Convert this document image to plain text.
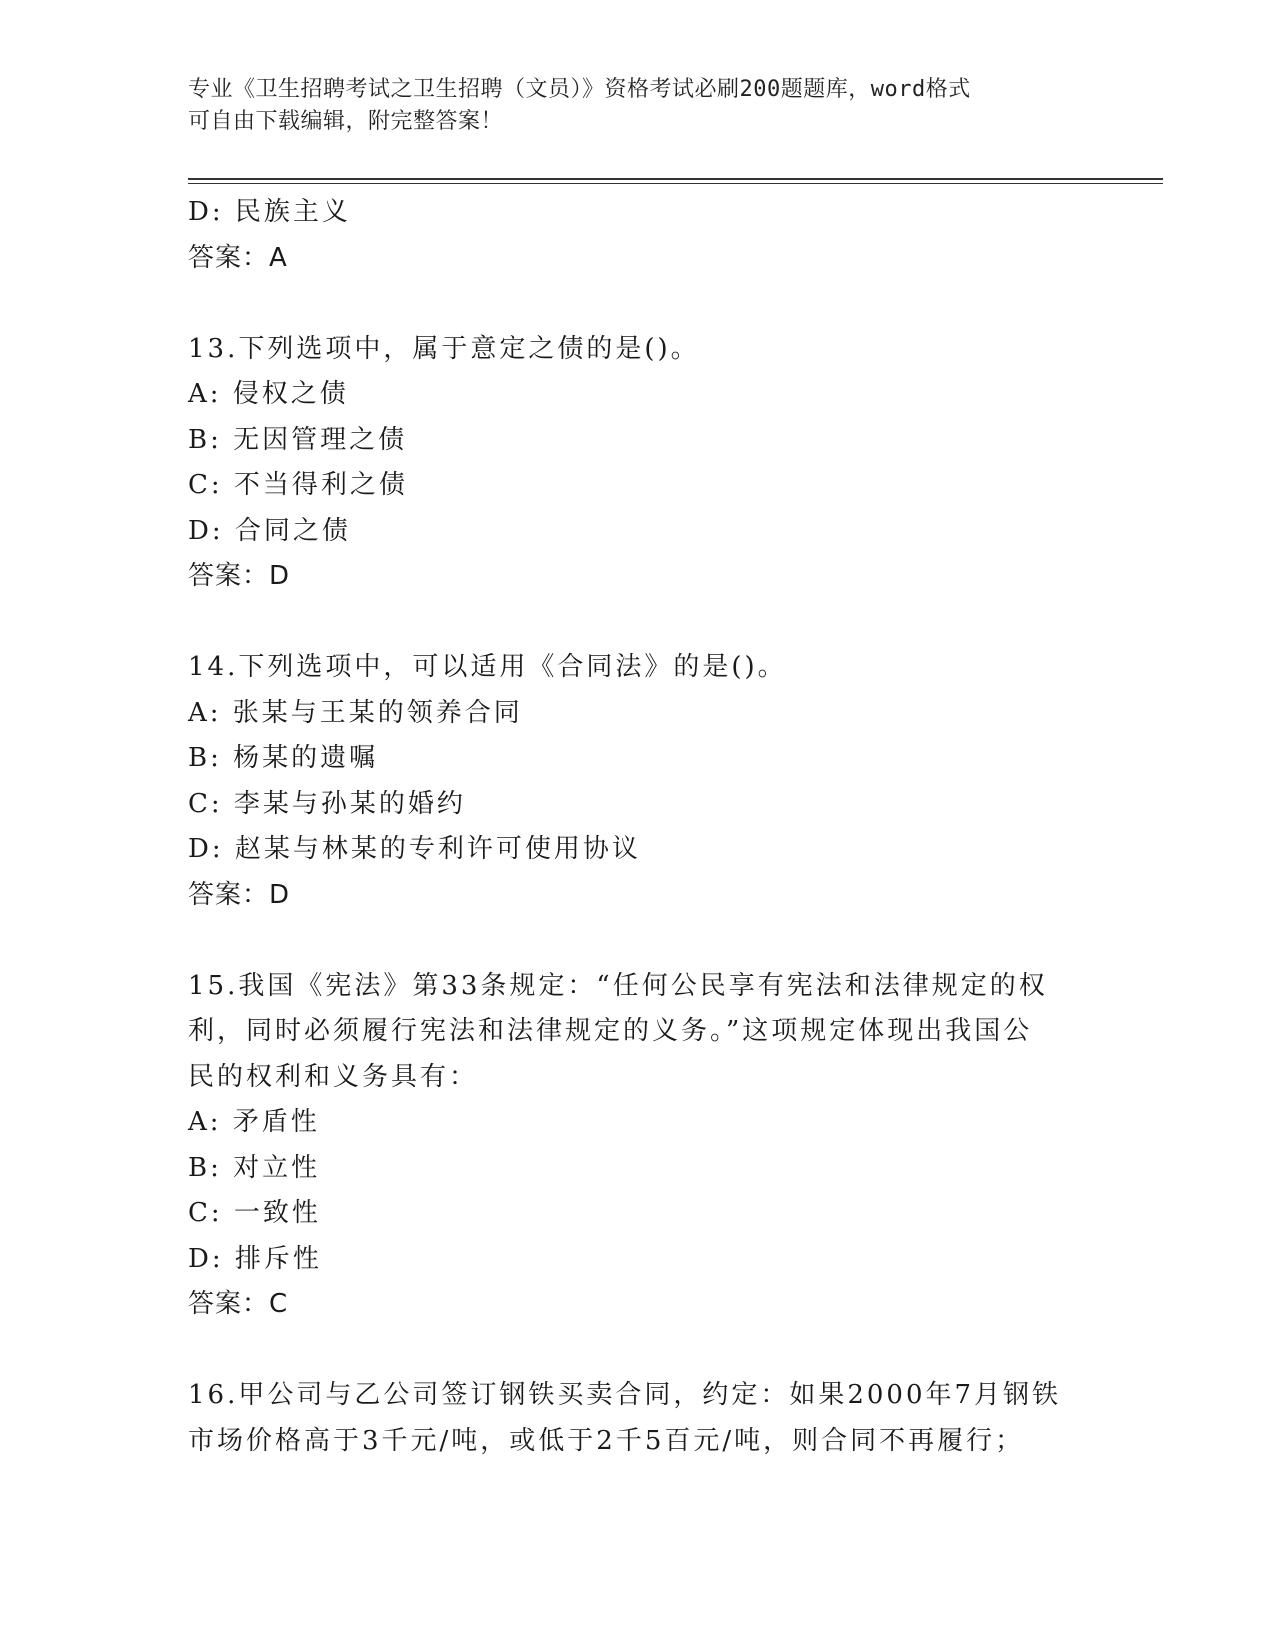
专业《卫生招聘考试之卫生招聘（文员）》资格考试必刷200题题库，word格式
可自由下载编辑，附完整答案！
D: 民族主义
答案：A
13.下列选项中，属于意定之债的是()。
A: 侵权之债
B: 无因管理之债
C: 不当得利之债
D: 合同之债
答案：D
14.下列选项中，可以适用《合同法》的是()。
A: 张某与王某的领养合同
B: 杨某的遗嘱
C: 李某与孙某的婚约
D: 赵某与林某的专利许可使用协议
答案：D
15.我国《宪法》第33条规定：“任何公民享有宪法和法律规定的权
利，同时必须履行宪法和法律规定的义务。”这项规定体现出我国公
民的权利和义务具有：
A: 矛盾性
B: 对立性
C: 一致性
D: 排斥性
答案：C
16.甲公司与乙公司签订钢铁买卖合同，约定：如果2000年7月钢铁
市场价格高于3千元/吨，或低于2千5百元/吨，则合同不再履行；
